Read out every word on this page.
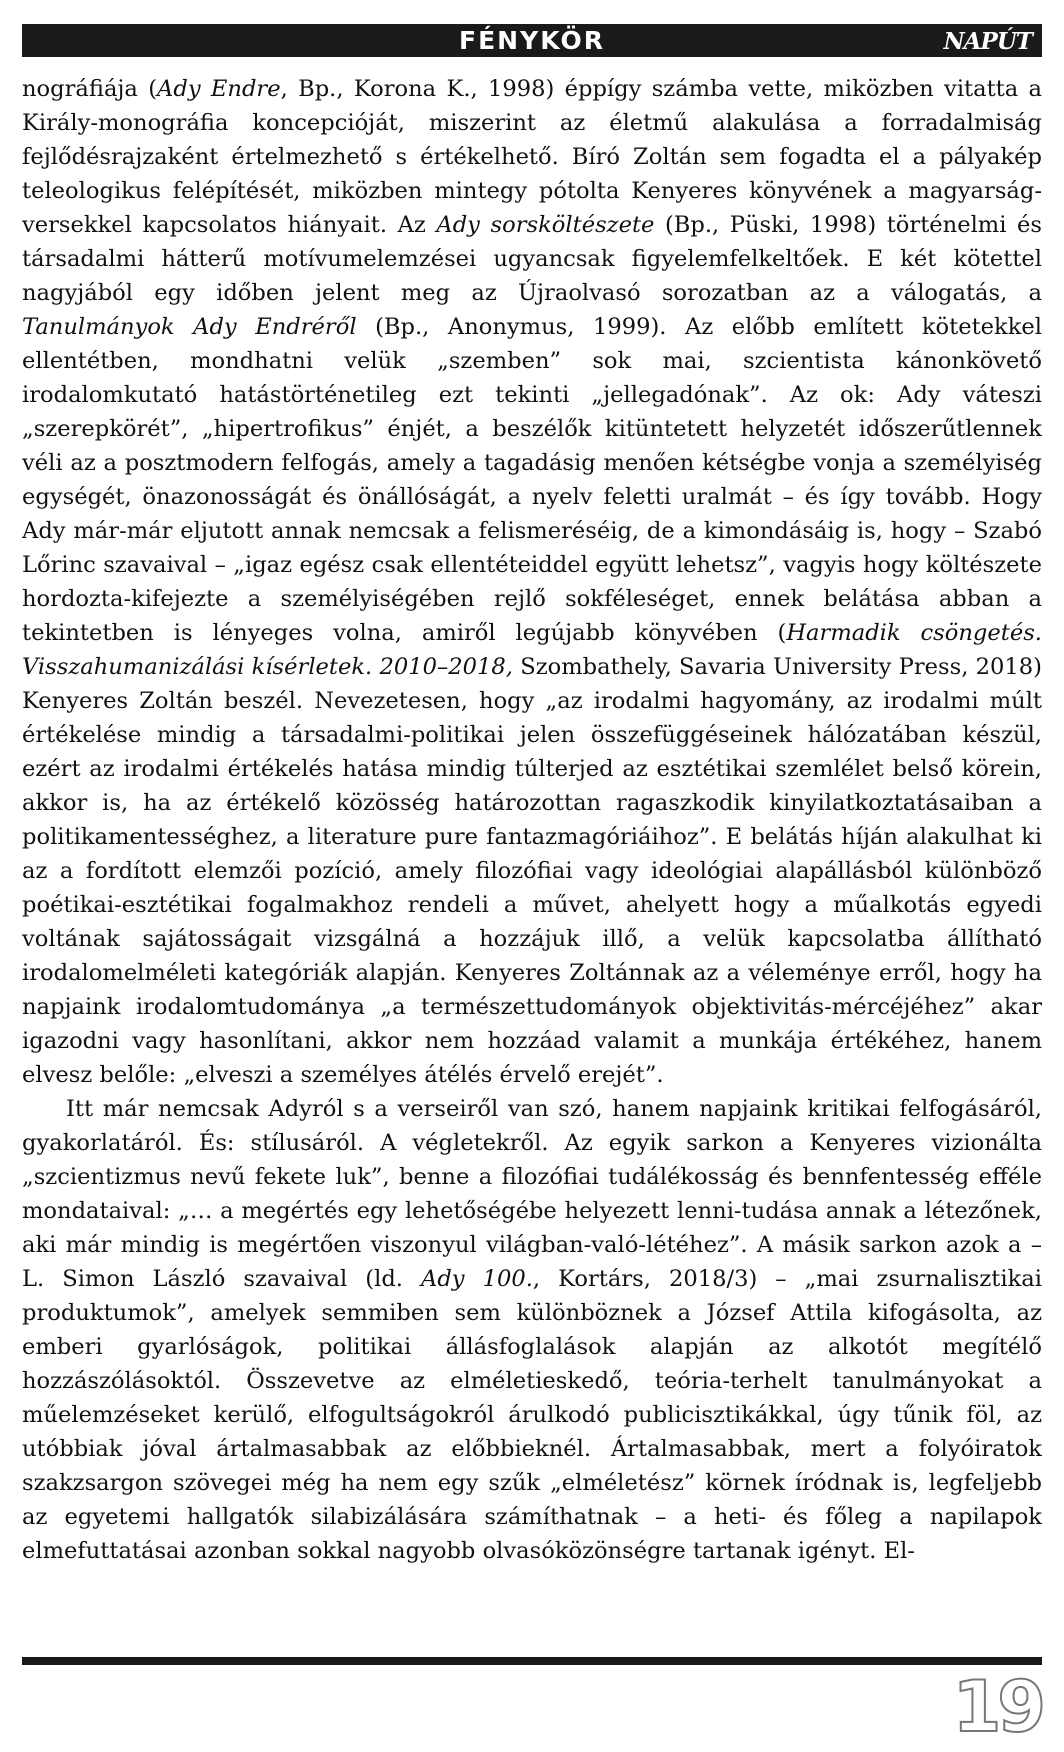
FÉNYKÖR	NAPÚT

nográfiája (Ady Endre, Bp., Korona K., 1998) éppígy számba vette, miközben vitatta a Király-monográfia koncepcióját, miszerint az életmű alakulása a forradalmiság fejlődésrajzaként értelmezhető s értékelhető. Bíró Zoltán sem fogadta el a pályakép teleologikus felépítését, miközben mintegy pótolta Kenyeres könyvének a magyarság-versekkel kapcsolatos hiányait. Az Ady sorsköltészete (Bp., Püski, 1998) történelmi és társadalmi hátterű motívumelemzései ugyancsak figyelemfelkeltőek. E két kötettel nagyjából egy időben jelent meg az Újraolvasó sorozatban az a válogatás, a Tanulmányok Ady Endréről (Bp., Anonymus, 1999). Az előbb említett kötetekkel ellentétben, mondhatni velük „szemben” sok mai, szcientista kánonkövető irodalomkutató hatástörténetileg ezt tekinti „jellegadónak”. Az ok: Ady váteszi „szerepkörét”, „hipertrofikus” énjét, a beszélők kitüntetett helyzetét időszerűtlennek véli az a posztmodern felfogás, amely a tagadásig menően kétségbe vonja a személyiség egységét, önazonosságát és önállóságát, a nyelv feletti uralmát – és így tovább. Hogy Ady már-már eljutott annak nemcsak a felismeréséig, de a kimondásáig is, hogy – Szabó Lőrinc szavaival – „igaz egész csak ellentéteiddel együtt lehetsz”, vagyis hogy költészete hordozta-kifejezte a személyiségében rejlő sokféleséget, ennek belátása abban a tekintetben is lényeges volna, amiről legújabb könyvében (Harmadik csöngetés. Visszahumanizálási kísérletek. 2010–2018, Szombathely, Savaria University Press, 2018) Kenyeres Zoltán beszél. Nevezetesen, hogy „az irodalmi hagyomány, az irodalmi múlt értékelése mindig a társadalmi-politikai jelen összefüggéseinek hálózatában készül, ezért az irodalmi értékelés hatása mindig túlterjed az esztétikai szemlélet belső körein, akkor is, ha az értékelő közösség határozottan ragaszkodik kinyilatkoztatásaiban a politikamentességhez, a literature pure fantazmagóriáihoz”. E belátás híján alakulhat ki az a fordított elemzői pozíció, amely filozófiai vagy ideológiai alapállásból különböző poétikai-esztétikai fogalmakhoz rendeli a művet, ahelyett hogy a műalkotás egyedi voltának sajátosságait vizsgálná a hozzájuk illő, a velük kapcsolatba állítható irodalomelméleti kategóriák alapján. Kenyeres Zoltánnak az a véleménye erről, hogy ha napjaink irodalomtudománya „a természettudományok objektivitás-mércéjéhez” akar igazodni vagy hasonlítani, akkor nem hozzáad valamit a munkája értékéhez, hanem elvesz belőle: „elveszi a személyes átélés érvelő erejét”.

Itt már nemcsak Adyról s a verseiről van szó, hanem napjaink kritikai felfogásáról, gyakorlatáról. És: stílusáról. A végletekről. Az egyik sarkon a Kenyeres vizionálta „szcientizmus nevű fekete luk”, benne a filozófiai tudálékosság és bennfentesség efféle mondataival: „… a megértés egy lehetőségébe helyezett lenni-tudása annak a létezőnek, aki már mindig is megértően viszonyul világban-való-létéhez”. A másik sarkon azok a – L. Simon László szavaival (ld. Ady 100., Kortárs, 2018/3) – „mai zsurnalisztikai produktumok”, amelyek semmiben sem különböznek a József Attila kifogásolta, az emberi gyarlóságok, politikai állásfoglalások alapján az alkotót megítélő hozzászólásoktól. Összevetve az elméletieskedő, teória-terhelt tanulmányokat a műelemzéseket kerülő, elfogultságokról árulkodó publicisztikákkal, úgy tűnik föl, az utóbbiak jóval ártalmasabbak az előbbieknél. Ártalmasabbak, mert a folyóiratok szakzsargon szövegei még ha nem egy szűk „elméletész” körnek íródnak is, legfeljebb az egyetemi hallgatók silabizálására számíthatnak – a heti- és főleg a napilapok elmefuttatásai azonban sokkal nagyobb olvasóközönségre tartanak igényt. El-

19
